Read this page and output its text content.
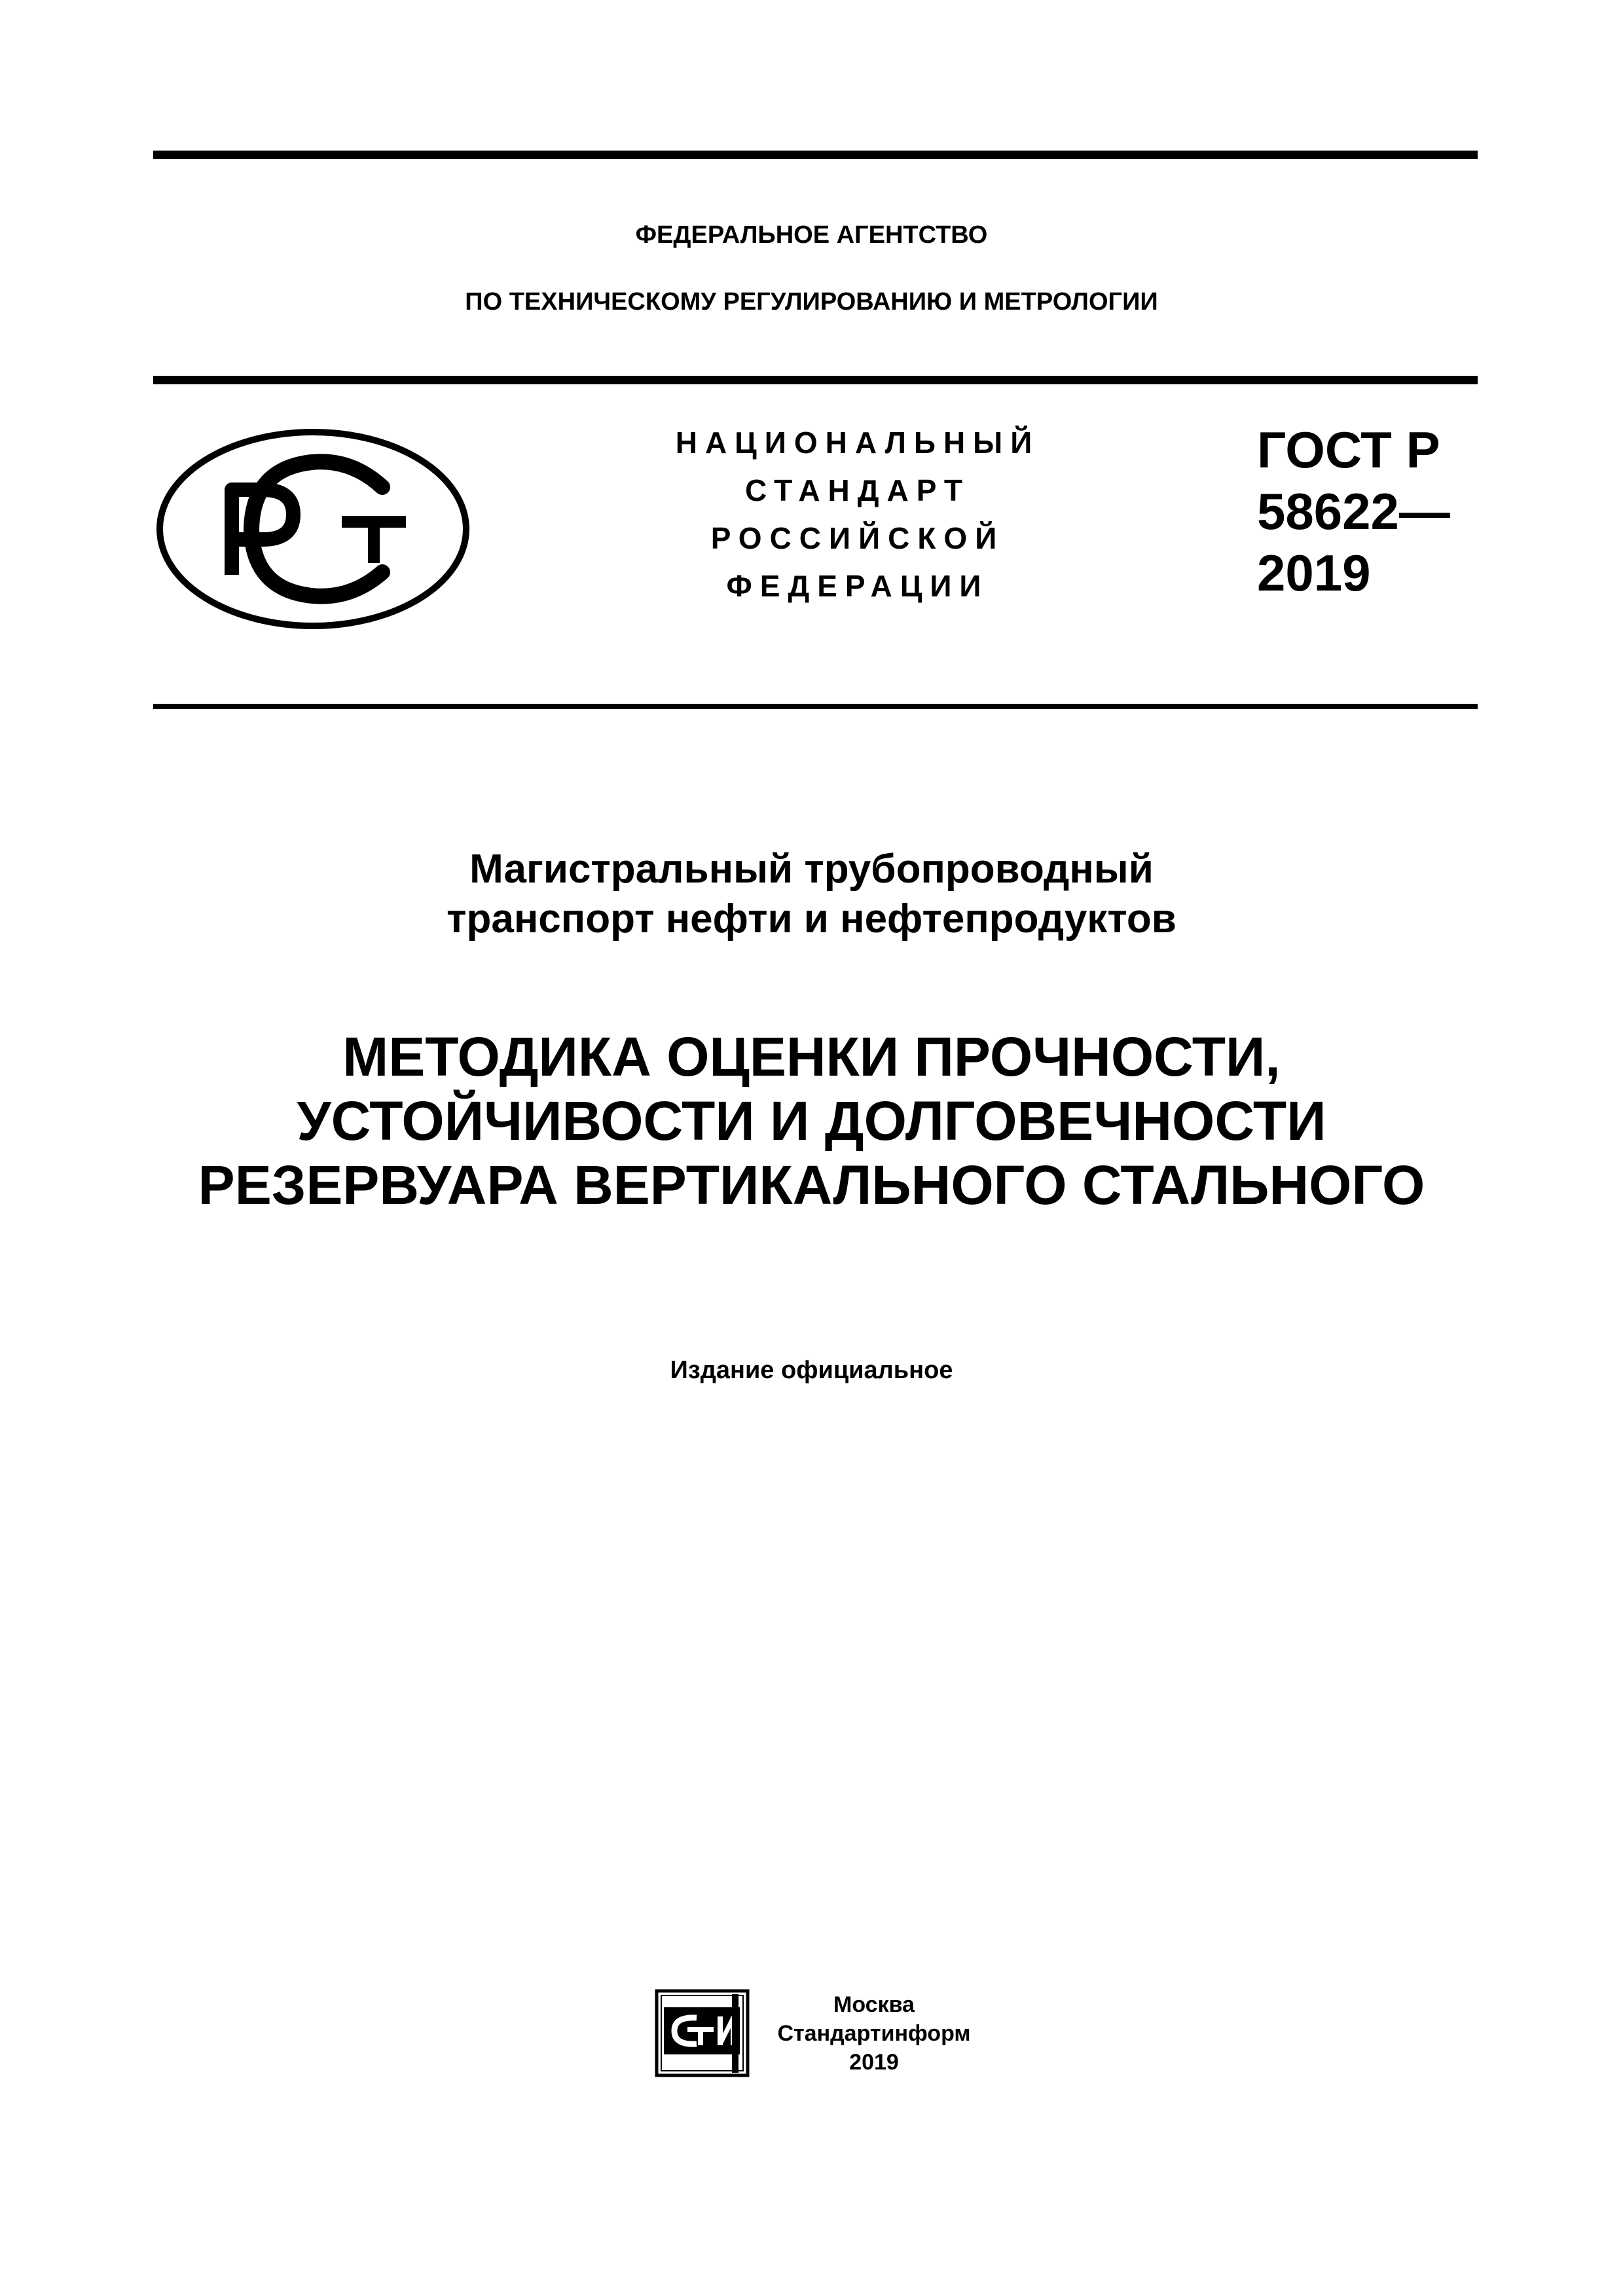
ФЕДЕРАЛЬНОЕ АГЕНТСТВО
ПО ТЕХНИЧЕСКОМУ РЕГУЛИРОВАНИЮ И МЕТРОЛОГИИ
НАЦИОНАЛЬНЫЙ
СТАНДАРТ
РОССИЙСКОЙ
ФЕДЕРАЦИИ
ГОСТ Р
58622—
2019
Магистральный трубопроводный
транспорт нефти и нефтепродуктов
МЕТОДИКА ОЦЕНКИ ПРОЧНОСТИ,
УСТОЙЧИВОСТИ И ДОЛГОВЕЧНОСТИ
РЕЗЕРВУАРА ВЕРТИКАЛЬНОГО СТАЛЬНОГО
Издание официальное
Москва
Стандартинформ
2019
